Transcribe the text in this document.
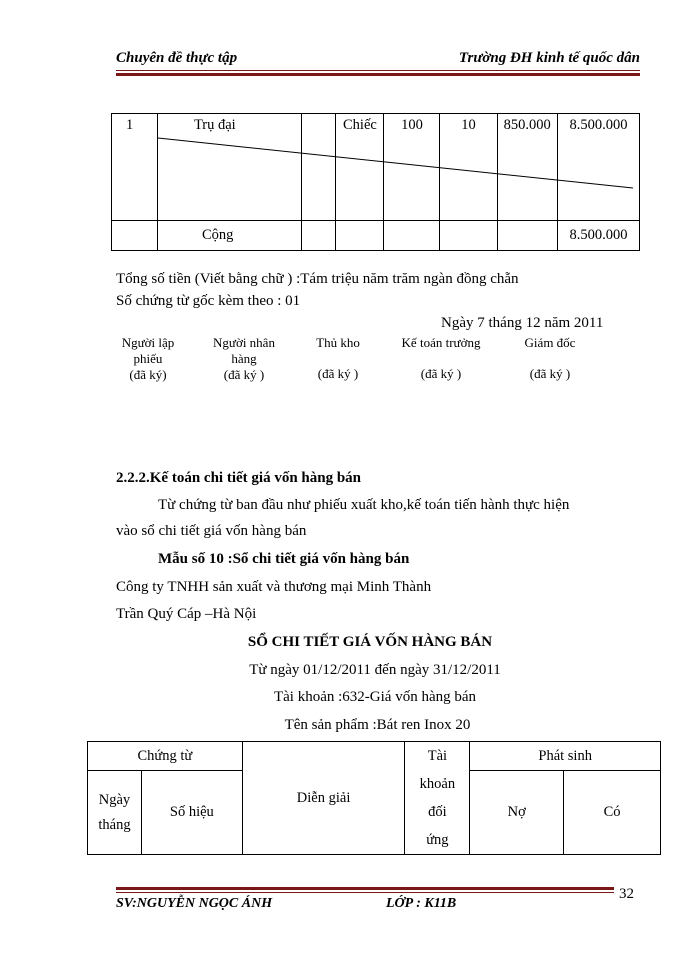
Chuyên đề thực tập	Trường ĐH kinh tế quốc dân
1	Trụ đại		Chiếc	100	10	850.000	8.500.000
	Cộng						8.500.000
Tổng số tiền (Viết bằng chữ ) :Tám triệu năm trăm ngàn đồng chẵn
Số chứng từ gốc kèm theo : 01
Ngày 7 tháng 12 năm 2011
Người lập
phiếu
(đã ký)
Người nhân
hàng
(đã ký )
Thủ kho
(đã ký )
Kế toán trưởng
(đã ký )
Giám đốc
(đã ký )
2.2.2.Kế toán chi tiết giá vốn hàng bán
Từ chứng từ ban đầu như phiếu xuất kho,kế toán tiến hành thực hiện
vào sổ chi tiết giá vốn hàng bán
Mẫu số 10 :Sổ chi tiết giá vốn hàng bán
Công ty TNHH sản xuất và thương mại Minh Thành
Trần Quý Cáp –Hà Nội
SỔ CHI TIẾT GIÁ VỐN HÀNG BÁN
Từ ngày 01/12/2011 đến ngày 31/12/2011
Tài khoản :632-Giá vốn hàng bán
Tên sản phẩm :Bát ren Inox 20
Chứng từ		Diễn giải	Tài
khoản
đối
ứng	Phát sinh	

Ngày
tháng	Số hiệu			Nợ	Có
32
SV:NGUYỄN NGỌC ÁNH	LỚP : K11B
